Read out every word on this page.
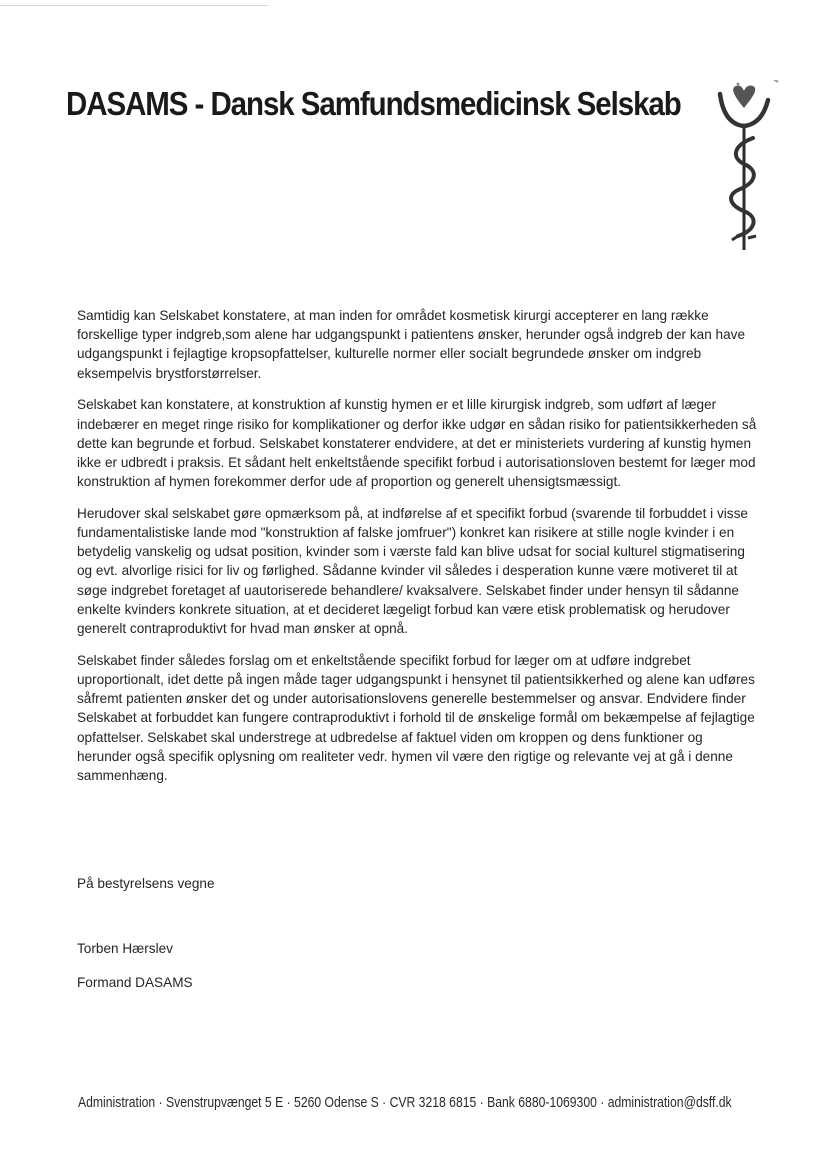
DASAMS - Dansk Samfundsmedicinsk Selskab

Samtidig kan Selskabet konstatere, at man inden for området kosmetisk kirurgi accepterer en lang række forskellige typer indgreb,som alene har udgangspunkt i patientens ønsker, herunder også indgreb der kan have udgangspunkt i fejlagtige kropsopfattelser, kulturelle normer eller socialt begrundede ønsker om indgreb eksempelvis brystforstørrelser.

Selskabet kan konstatere, at konstruktion af kunstig hymen er et lille kirurgisk indgreb, som udført af læger indebærer en meget ringe risiko for komplikationer og derfor ikke udgør en sådan risiko for patientsikkerheden så dette kan begrunde et forbud. Selskabet konstaterer endvidere, at det er ministeriets vurdering af kunstig hymen ikke er udbredt i praksis. Et sådant helt enkeltstående specifikt forbud i autorisationsloven bestemt for læger mod konstruktion af hymen forekommer derfor ude af proportion og generelt uhensigtsmæssigt.

Herudover skal selskabet gøre opmærksom på, at indførelse af et specifikt forbud (svarende til forbuddet i visse fundamentalistiske lande mod "konstruktion af falske jomfruer") konkret kan risikere at stille nogle kvinder i en betydelig vanskelig og udsat position, kvinder som i værste fald kan blive udsat for social kulturel stigmatisering og evt. alvorlige risici for liv og førlighed. Sådanne kvinder vil således i desperation kunne være motiveret til at søge indgrebet foretaget af uautoriserede behandlere/ kvaksalvere. Selskabet finder under hensyn til sådanne enkelte kvinders konkrete situation, at et decideret lægeligt forbud kan være etisk problematisk og herudover generelt contraproduktivt for hvad man ønsker at opnå.

Selskabet finder således forslag om et enkeltstående specifikt forbud for læger om at udføre indgrebet uproportionalt, idet dette på ingen måde tager udgangspunkt i hensynet til patientsikkerhed og alene kan udføres såfremt patienten ønsker det og under autorisationslovens generelle bestemmelser og ansvar. Endvidere finder Selskabet at forbuddet kan fungere contraproduktivt i forhold til de ønskelige formål om bekæmpelse af fejlagtige opfattelser. Selskabet skal understrege at udbredelse af faktuel viden om kroppen og dens funktioner og herunder også specifik oplysning om realiteter vedr. hymen vil være den rigtige og relevante vej at gå i denne sammenhæng.

På bestyrelsens vegne
Torben Hærslev
Formand DASAMS
Administration · Svenstrupvænget 5 E · 5260 Odense S · CVR 3218 6815 · Bank 6880-1069300 · administration@dsff.dk
